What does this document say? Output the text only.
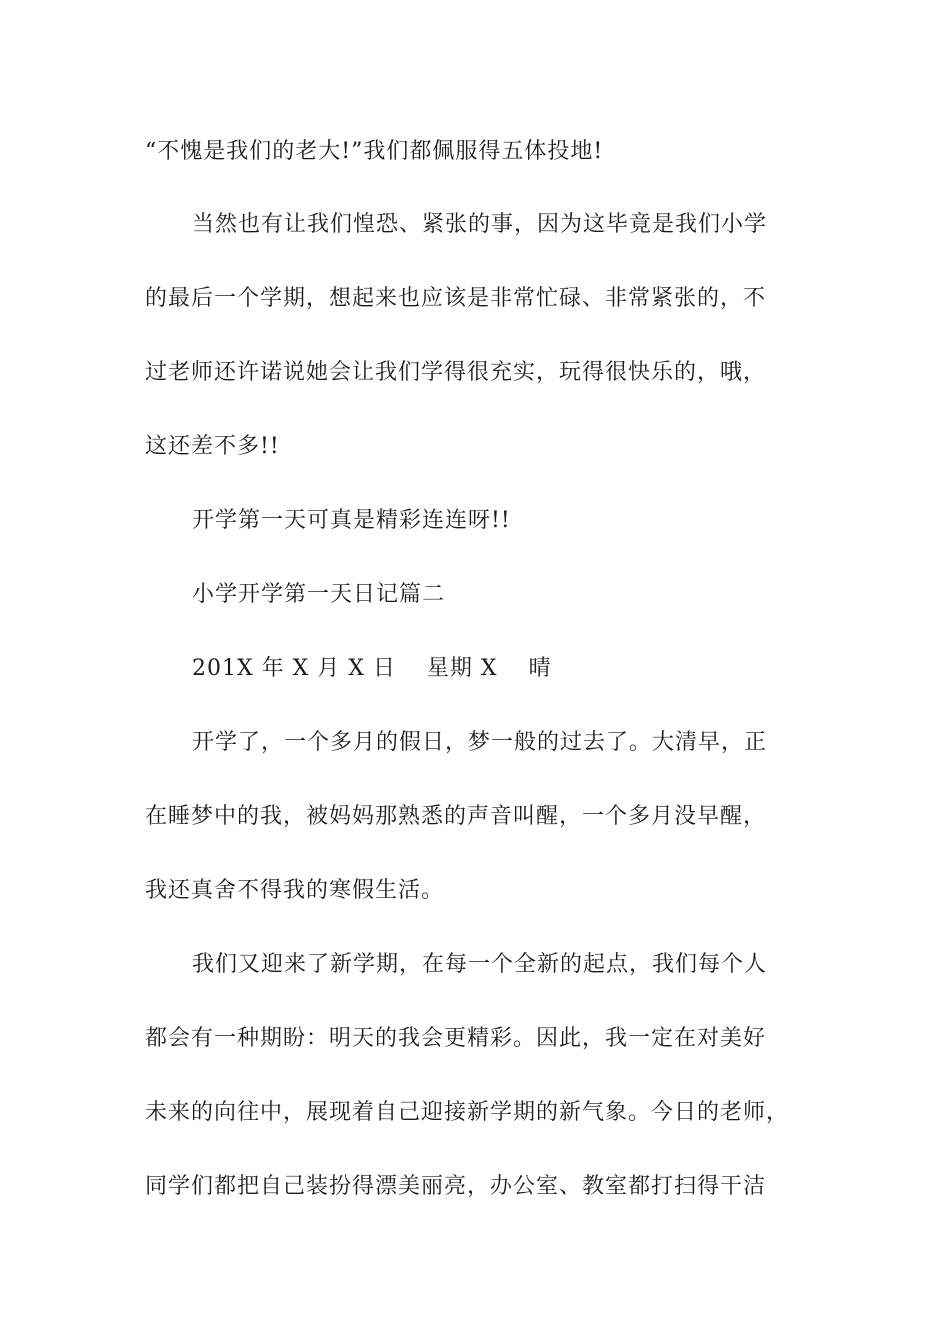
“不愧是我们的老大!”我们都佩服得五体投地!
当然也有让我们惶恐、紧张的事，因为这毕竟是我们小学
的最后一个学期，想起来也应该是非常忙碌、非常紧张的，不
过老师还许诺说她会让我们学得很充实，玩得很快乐的，哦，
这还差不多!!
开学第一天可真是精彩连连呀!!
小学开学第一天日记篇二
201X 年 X 月 X 日　 星期 X　 晴
开学了，一个多月的假日，梦一般的过去了。大清早，正
在睡梦中的我，被妈妈那熟悉的声音叫醒，一个多月没早醒，
我还真舍不得我的寒假生活。
我们又迎来了新学期，在每一个全新的起点，我们每个人
都会有一种期盼：明天的我会更精彩。因此，我一定在对美好
未来的向往中，展现着自己迎接新学期的新气象。今日的老师，
同学们都把自己装扮得漂美丽亮，办公室、教室都打扫得干洁
